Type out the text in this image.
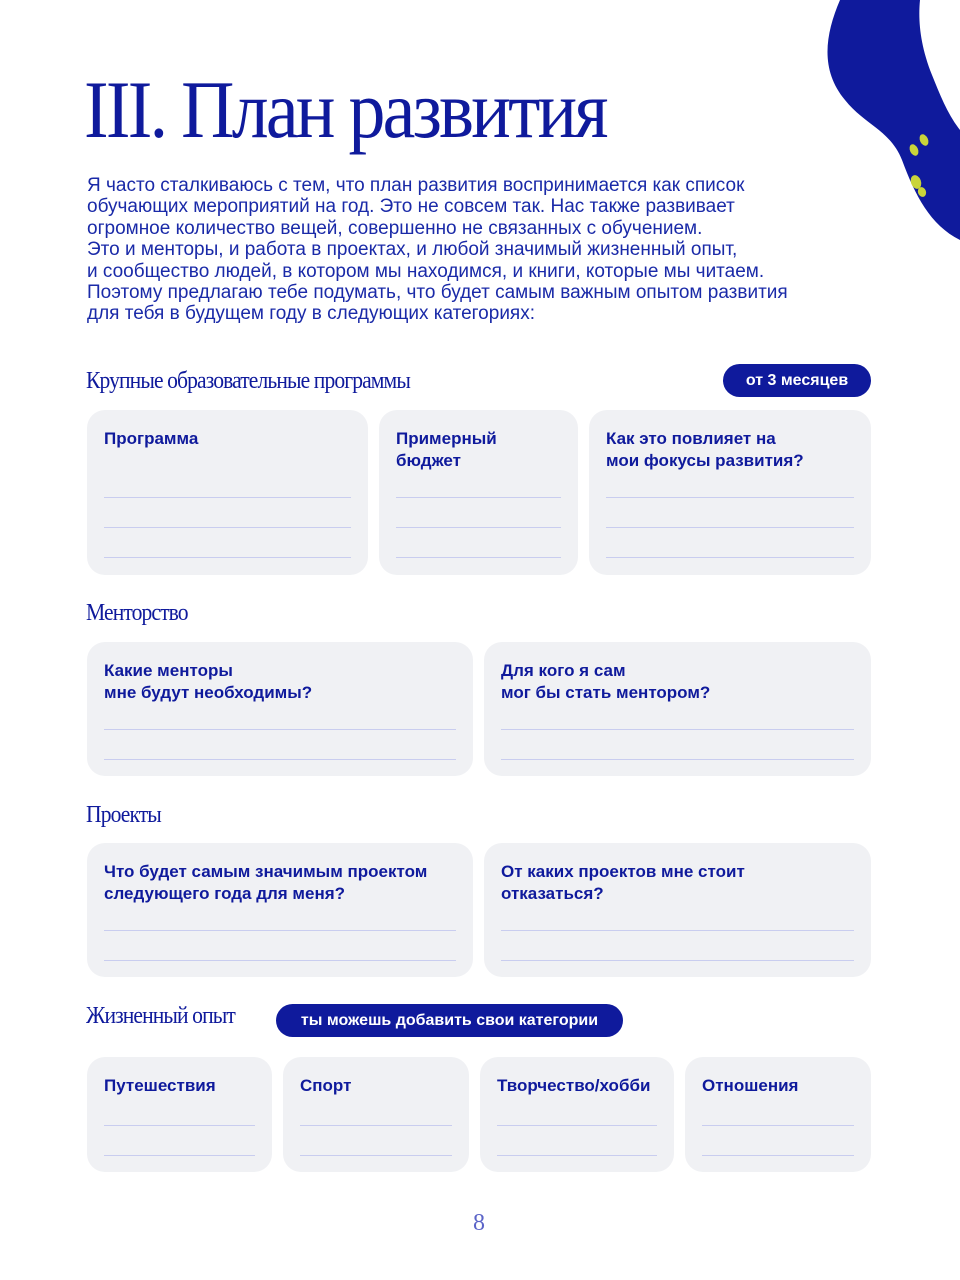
III. План развития

Я часто сталкиваюсь с тем, что план развития воспринимается как список

обучающих мероприятий на год. Это не совсем так. Нас также развивает

огромное количество вещей, совершенно не связанных с обучением.

Это и менторы, и работа в проектах, и любой значимый жизненный опыт,

и сообщество людей, в котором мы находимся, и книги, которые мы читаем.

Поэтому предлагаю тебе подумать, что будет самым важным опытом развития

для тебя в будущем году в следующих категориях:

Крупные образовательные программы	от 3 месяцев
Программа	Примерный
бюджет
Как это повлияет на
мои фокусы развития?
Менторство
Какие менторы
мне будут необходимы?
Для кого я сам
мог бы стать ментором?
Проекты
Что будет самым значимым проектом
следующего года для меня?
От каких проектов мне стоит
отказаться?
Жизненный опыт	ты можешь добавить свои категории
Путешествия	Спорт	Творчество/хобби	Отношения
8
